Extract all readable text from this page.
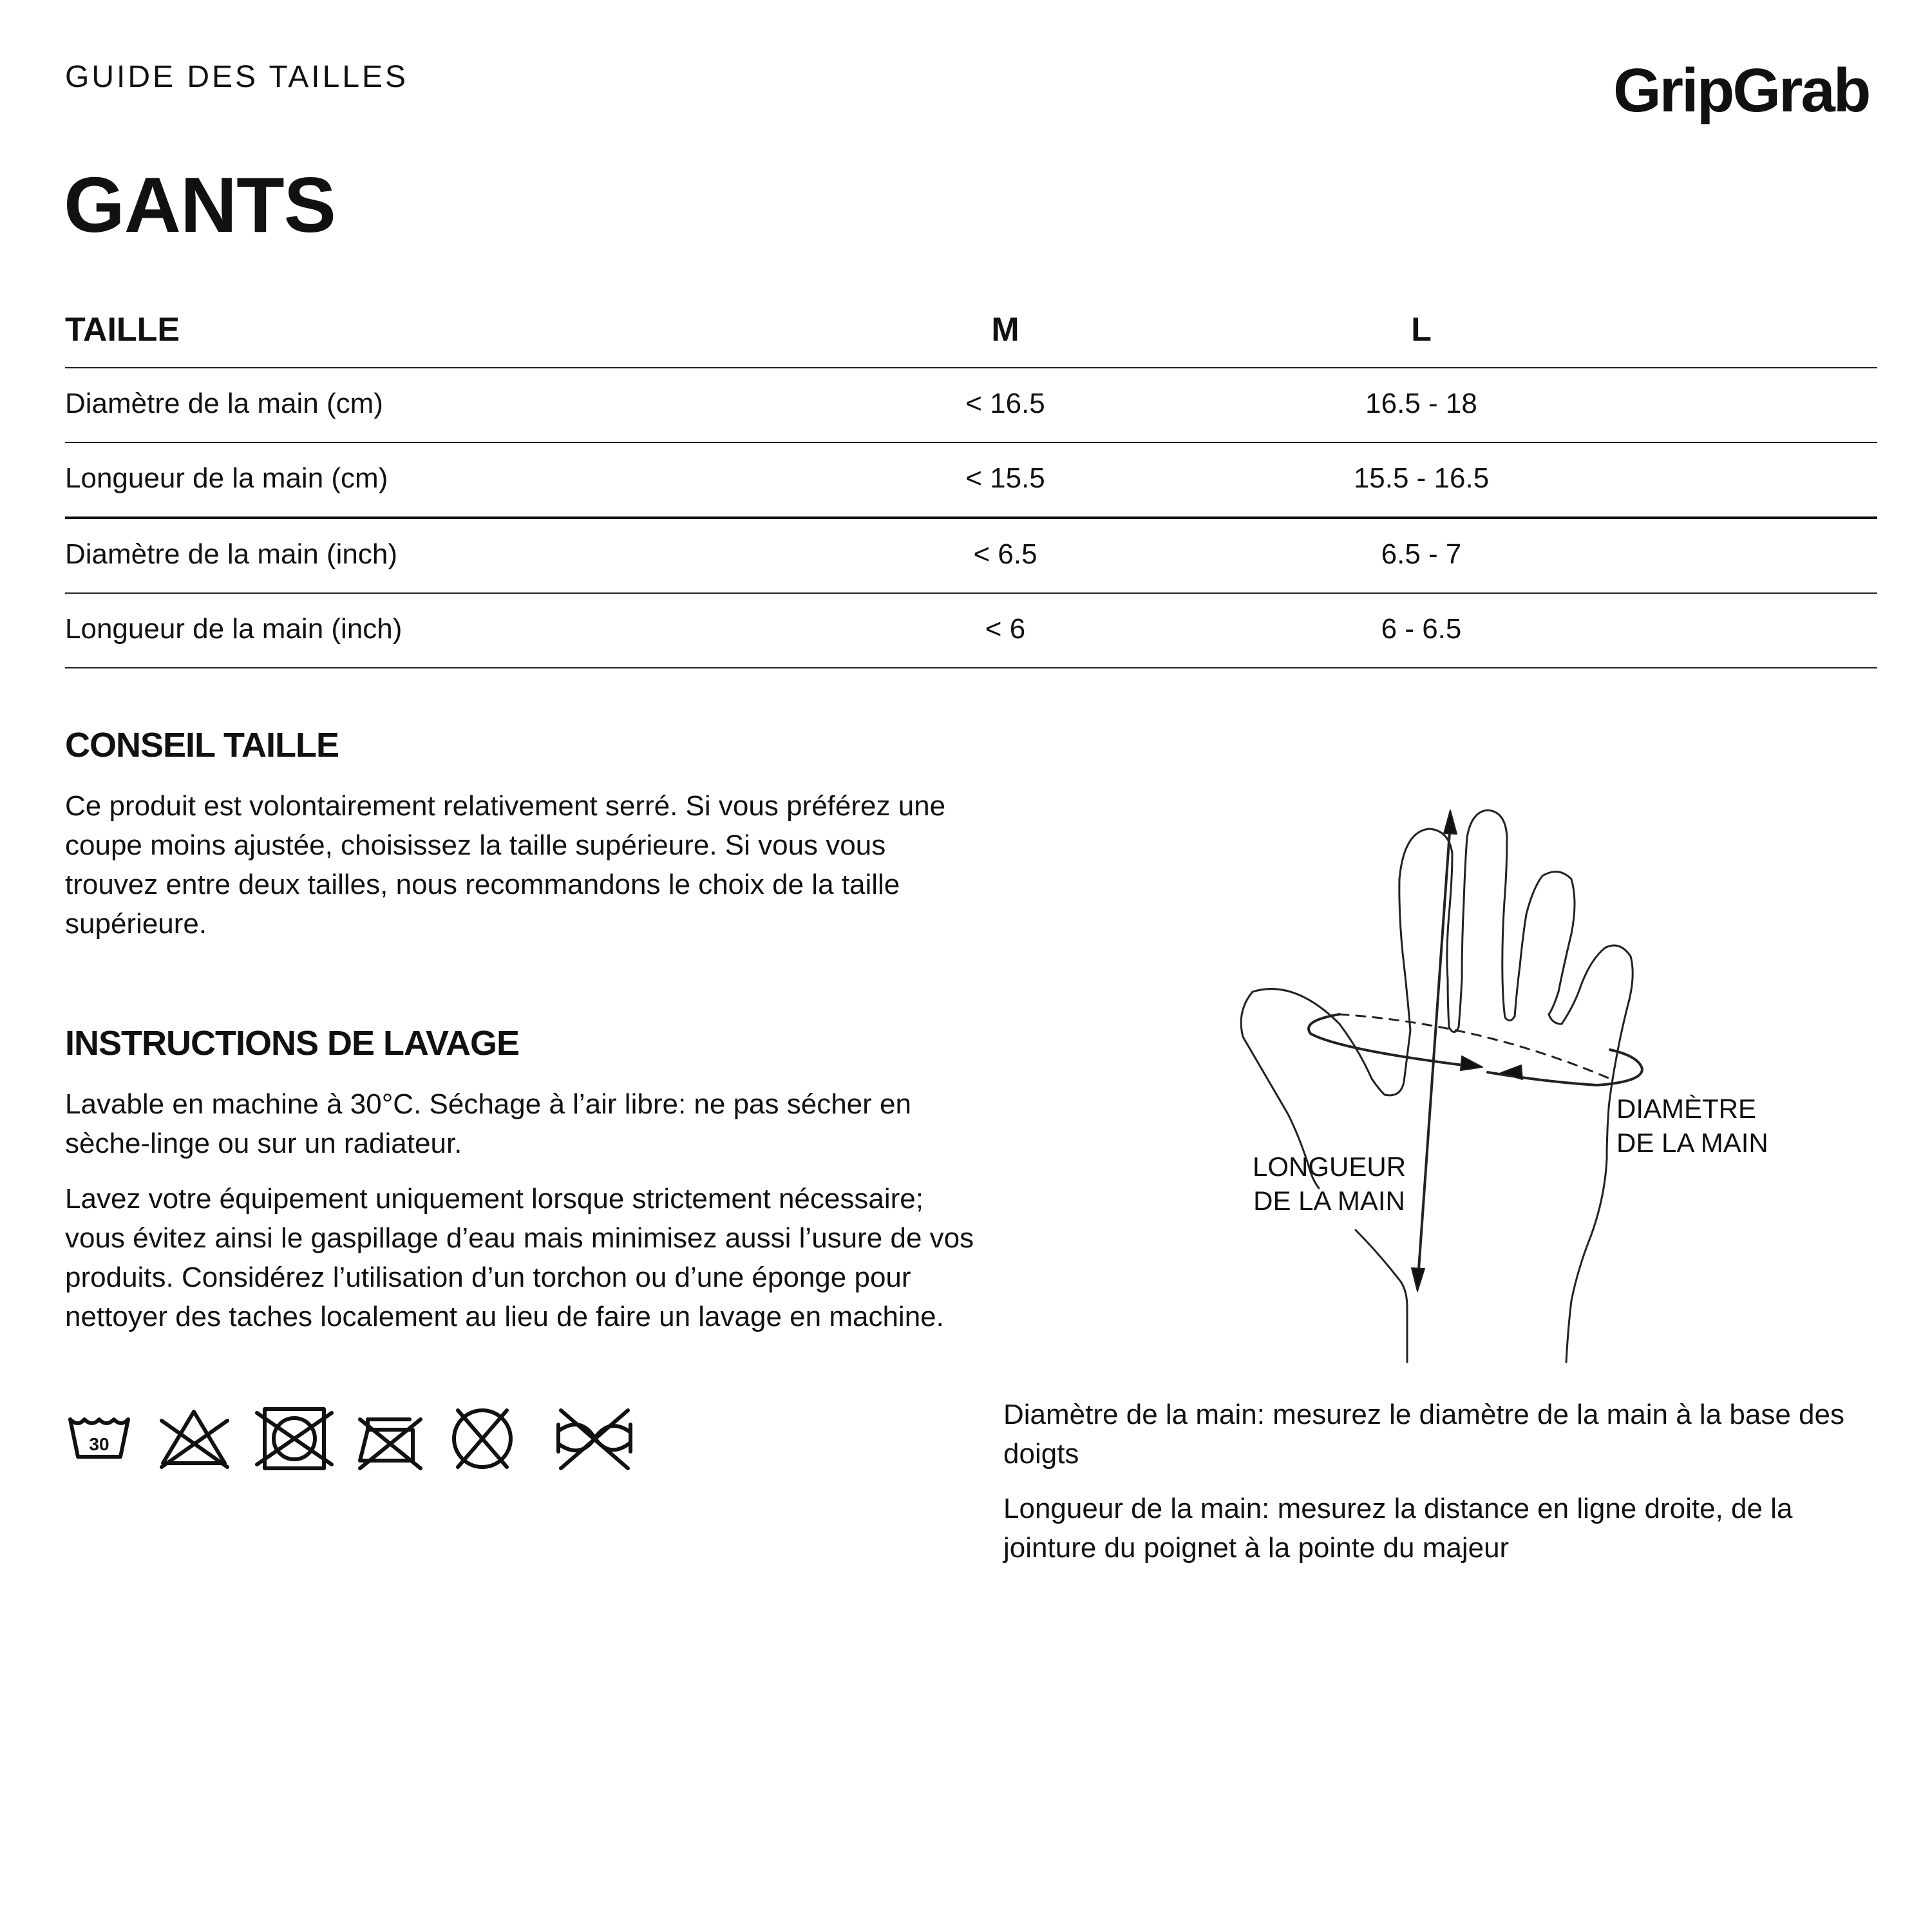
GUIDE DES TAILLES	GripGrab
GANTS
TAILLE	M	L
Diamètre de la main (cm)	< 16.5	16.5 - 18
Longueur de la main (cm)	< 15.5	15.5 - 16.5
Diamètre de la main (inch)	< 6.5	6.5 - 7
Longueur de la main (inch)	< 6	6 - 6.5
CONSEIL TAILLE

Ce produit est volontairement relativement serré. Si vous préférez une coupe moins ajustée, choisissez la taille supérieure. Si vous vous trouvez entre deux tailles, nous recommandons le choix de la taille supérieure.

INSTRUCTIONS DE LAVAGE

Lavable en machine à 30°C. Séchage à l’air libre: ne pas sécher en sèche-linge ou sur un radiateur.

Lavez votre équipement uniquement lorsque strictement nécessaire; vous évitez ainsi le gaspillage d’eau mais minimisez aussi l’usure de vos produits. Considérez l’utilisation d’un torchon ou d’une éponge pour nettoyer des taches localement au lieu de faire un lavage en machine.

30
LONGUEUR
DE LA MAIN
DIAMÈTRE
DE LA MAIN

Diamètre de la main: mesurez le diamètre de la main à la base des doigts

Longueur de la main: mesurez la distance en ligne droite, de la jointure du poignet à la pointe du majeur
